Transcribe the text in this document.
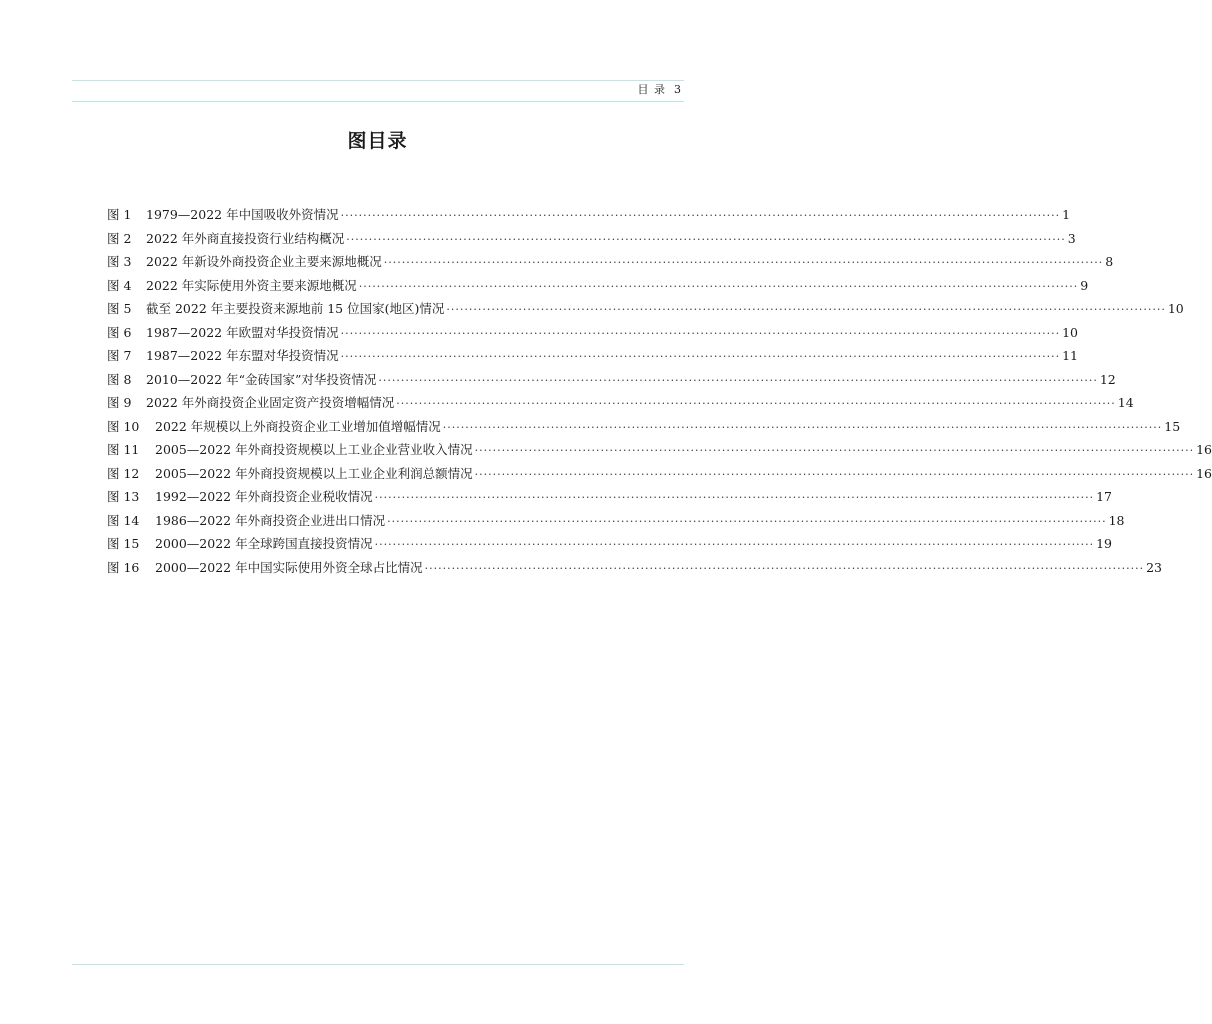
目 录 3
图目录
图 1	1979—2022 年中国吸收外资情况 ································································································································································ 1
图 2	2022 年外商直接投资行业结构概况 ································································································································································ 3
图 3	2022 年新设外商投资企业主要来源地概况 ································································································································································ 8
图 4	2022 年实际使用外资主要来源地概况 ································································································································································ 9
图 5	截至 2022 年主要投资来源地前 15 位国家(地区)情况 ································································································································································ 10
图 6	1987—2022 年欧盟对华投资情况 ································································································································································ 10
图 7	1987—2022 年东盟对华投资情况 ································································································································································ 11
图 8	2010—2022 年“金砖国家”对华投资情况 ································································································································································ 12
图 9	2022 年外商投资企业固定资产投资增幅情况 ································································································································································ 14
图 10	2022 年规模以上外商投资企业工业增加值增幅情况 ································································································································································ 15
图 11	2005—2022 年外商投资规模以上工业企业营业收入情况 ································································································································································ 16
图 12	2005—2022 年外商投资规模以上工业企业利润总额情况 ································································································································································ 16
图 13	1992—2022 年外商投资企业税收情况 ································································································································································ 17
图 14	1986—2022 年外商投资企业进出口情况 ································································································································································ 18
图 15	2000—2022 年全球跨国直接投资情况 ································································································································································ 19
图 16	2000—2022 年中国实际使用外资全球占比情况 ································································································································································ 23
